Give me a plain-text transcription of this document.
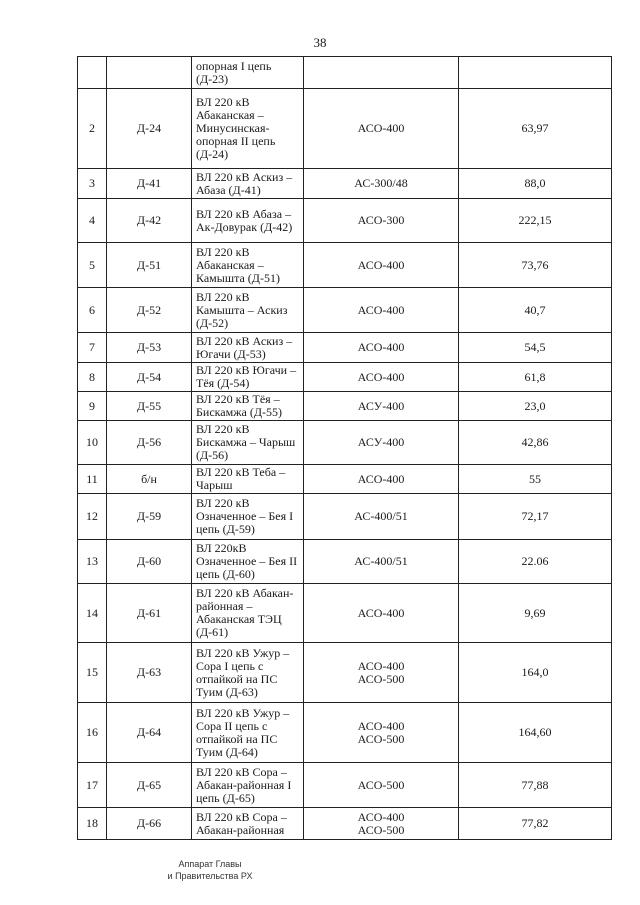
38
		опорная I цепь (Д-23)		
2	Д-24	ВЛ 220 кВ Абаканская – Минусинская-опорная II цепь (Д-24)	АСО-400	63,97
3	Д-41	ВЛ 220 кВ Аскиз – Абаза (Д-41)	АС-300/48	88,0
4	Д-42	ВЛ 220 кВ Абаза – Ак-Довурак (Д-42)	АСО-300	222,15
5	Д-51	ВЛ 220 кВ Абаканская – Камышта (Д-51)	АСО-400	73,76
6	Д-52	ВЛ 220 кВ Камышта – Аскиз (Д-52)	АСО-400	40,7
7	Д-53	ВЛ 220 кВ Аскиз – Югачи (Д-53)	АСО-400	54,5
8	Д-54	ВЛ 220 кВ Югачи – Тёя (Д-54)	АСО-400	61,8
9	Д-55	ВЛ 220 кВ Тёя – Бискамжа (Д-55)	АСУ-400	23,0
10	Д-56	ВЛ 220 кВ Бискамжа – Чарыш (Д-56)	АСУ-400	42,86
11	б/н	ВЛ 220 кВ Теба – Чарыш	АСО-400	55
12	Д-59	ВЛ 220 кВ Означенное – Бея I цепь (Д-59)	АС-400/51	72,17
13	Д-60	ВЛ 220кВ Означенное – Бея II цепь (Д-60)	АС-400/51	22.06
14	Д-61	ВЛ 220 кВ Абакан-районная – Абаканская ТЭЦ (Д-61)	АСО-400	9,69
15	Д-63	ВЛ 220 кВ Ужур – Сора I цепь с отпайкой на ПС Туим (Д-63)	АСО-400
АСО-500	164,0
16	Д-64	ВЛ 220 кВ Ужур – Сора II цепь с отпайкой на ПС Туим (Д-64)	АСО-400
АСО-500	164,60
17	Д-65	ВЛ 220 кВ Сора – Абакан-районная I цепь (Д-65)	АСО-500	77,88
18	Д-66	ВЛ 220 кВ Сора – Абакан-районная	АСО-400
АСО-500	77,82
Аппарат Главы
и Правительства РХ
